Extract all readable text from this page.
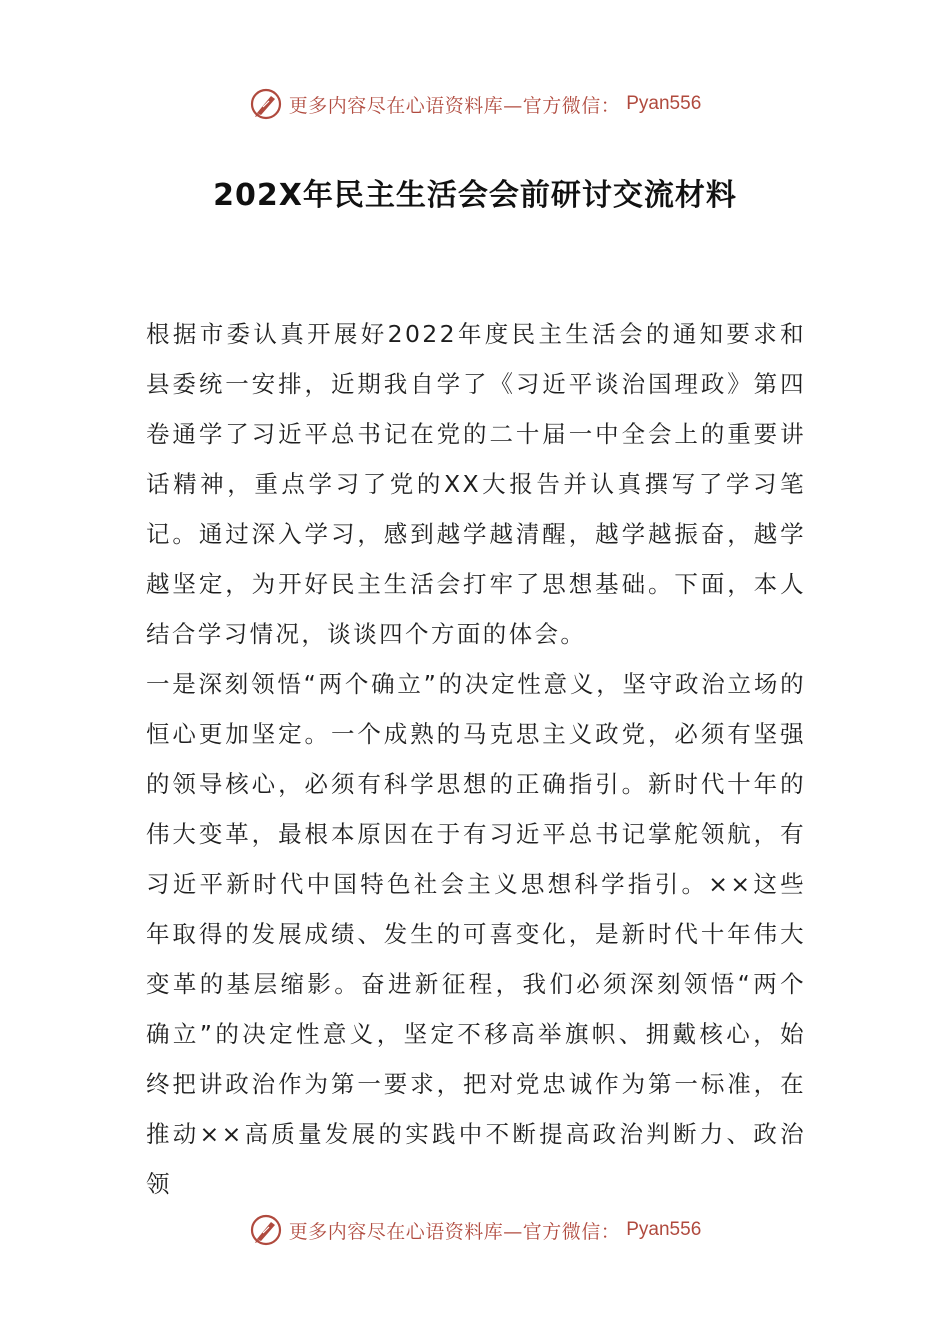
更多内容尽在心语资料库—官方微信： Pyan556
202X年民主生活会会前研讨交流材料

根据市委认真开展好2022年度民主生活会的通知要求和县委统一安排，近期我自学了《习近平谈治国理政》第四卷通学了习近平总书记在党的二十届一中全会上的重要讲话精神，重点学习了党的XX大报告并认真撰写了学习笔记。通过深入学习，感到越学越清醒，越学越振奋，越学越坚定，为开好民主生活会打牢了思想基础。下面，本人结合学习情况，谈谈四个方面的体会。

一是深刻领悟“两个确立”的决定性意义，坚守政治立场的恒心更加坚定。一个成熟的马克思主义政党，必须有坚强的领导核心，必须有科学思想的正确指引。新时代十年的伟大变革，最根本原因在于有习近平总书记掌舵领航，有习近平新时代中国特色社会主义思想科学指引。××这些年取得的发展成绩、发生的可喜变化，是新时代十年伟大变革的基层缩影。奋进新征程，我们必须深刻领悟“两个确立”的决定性意义，坚定不移高举旗帜、拥戴核心，始终把讲政治作为第一要求，把对党忠诚作为第一标准，在推动××高质量发展的实践中不断提高政治判断力、政治领

更多内容尽在心语资料库—官方微信： Pyan556
